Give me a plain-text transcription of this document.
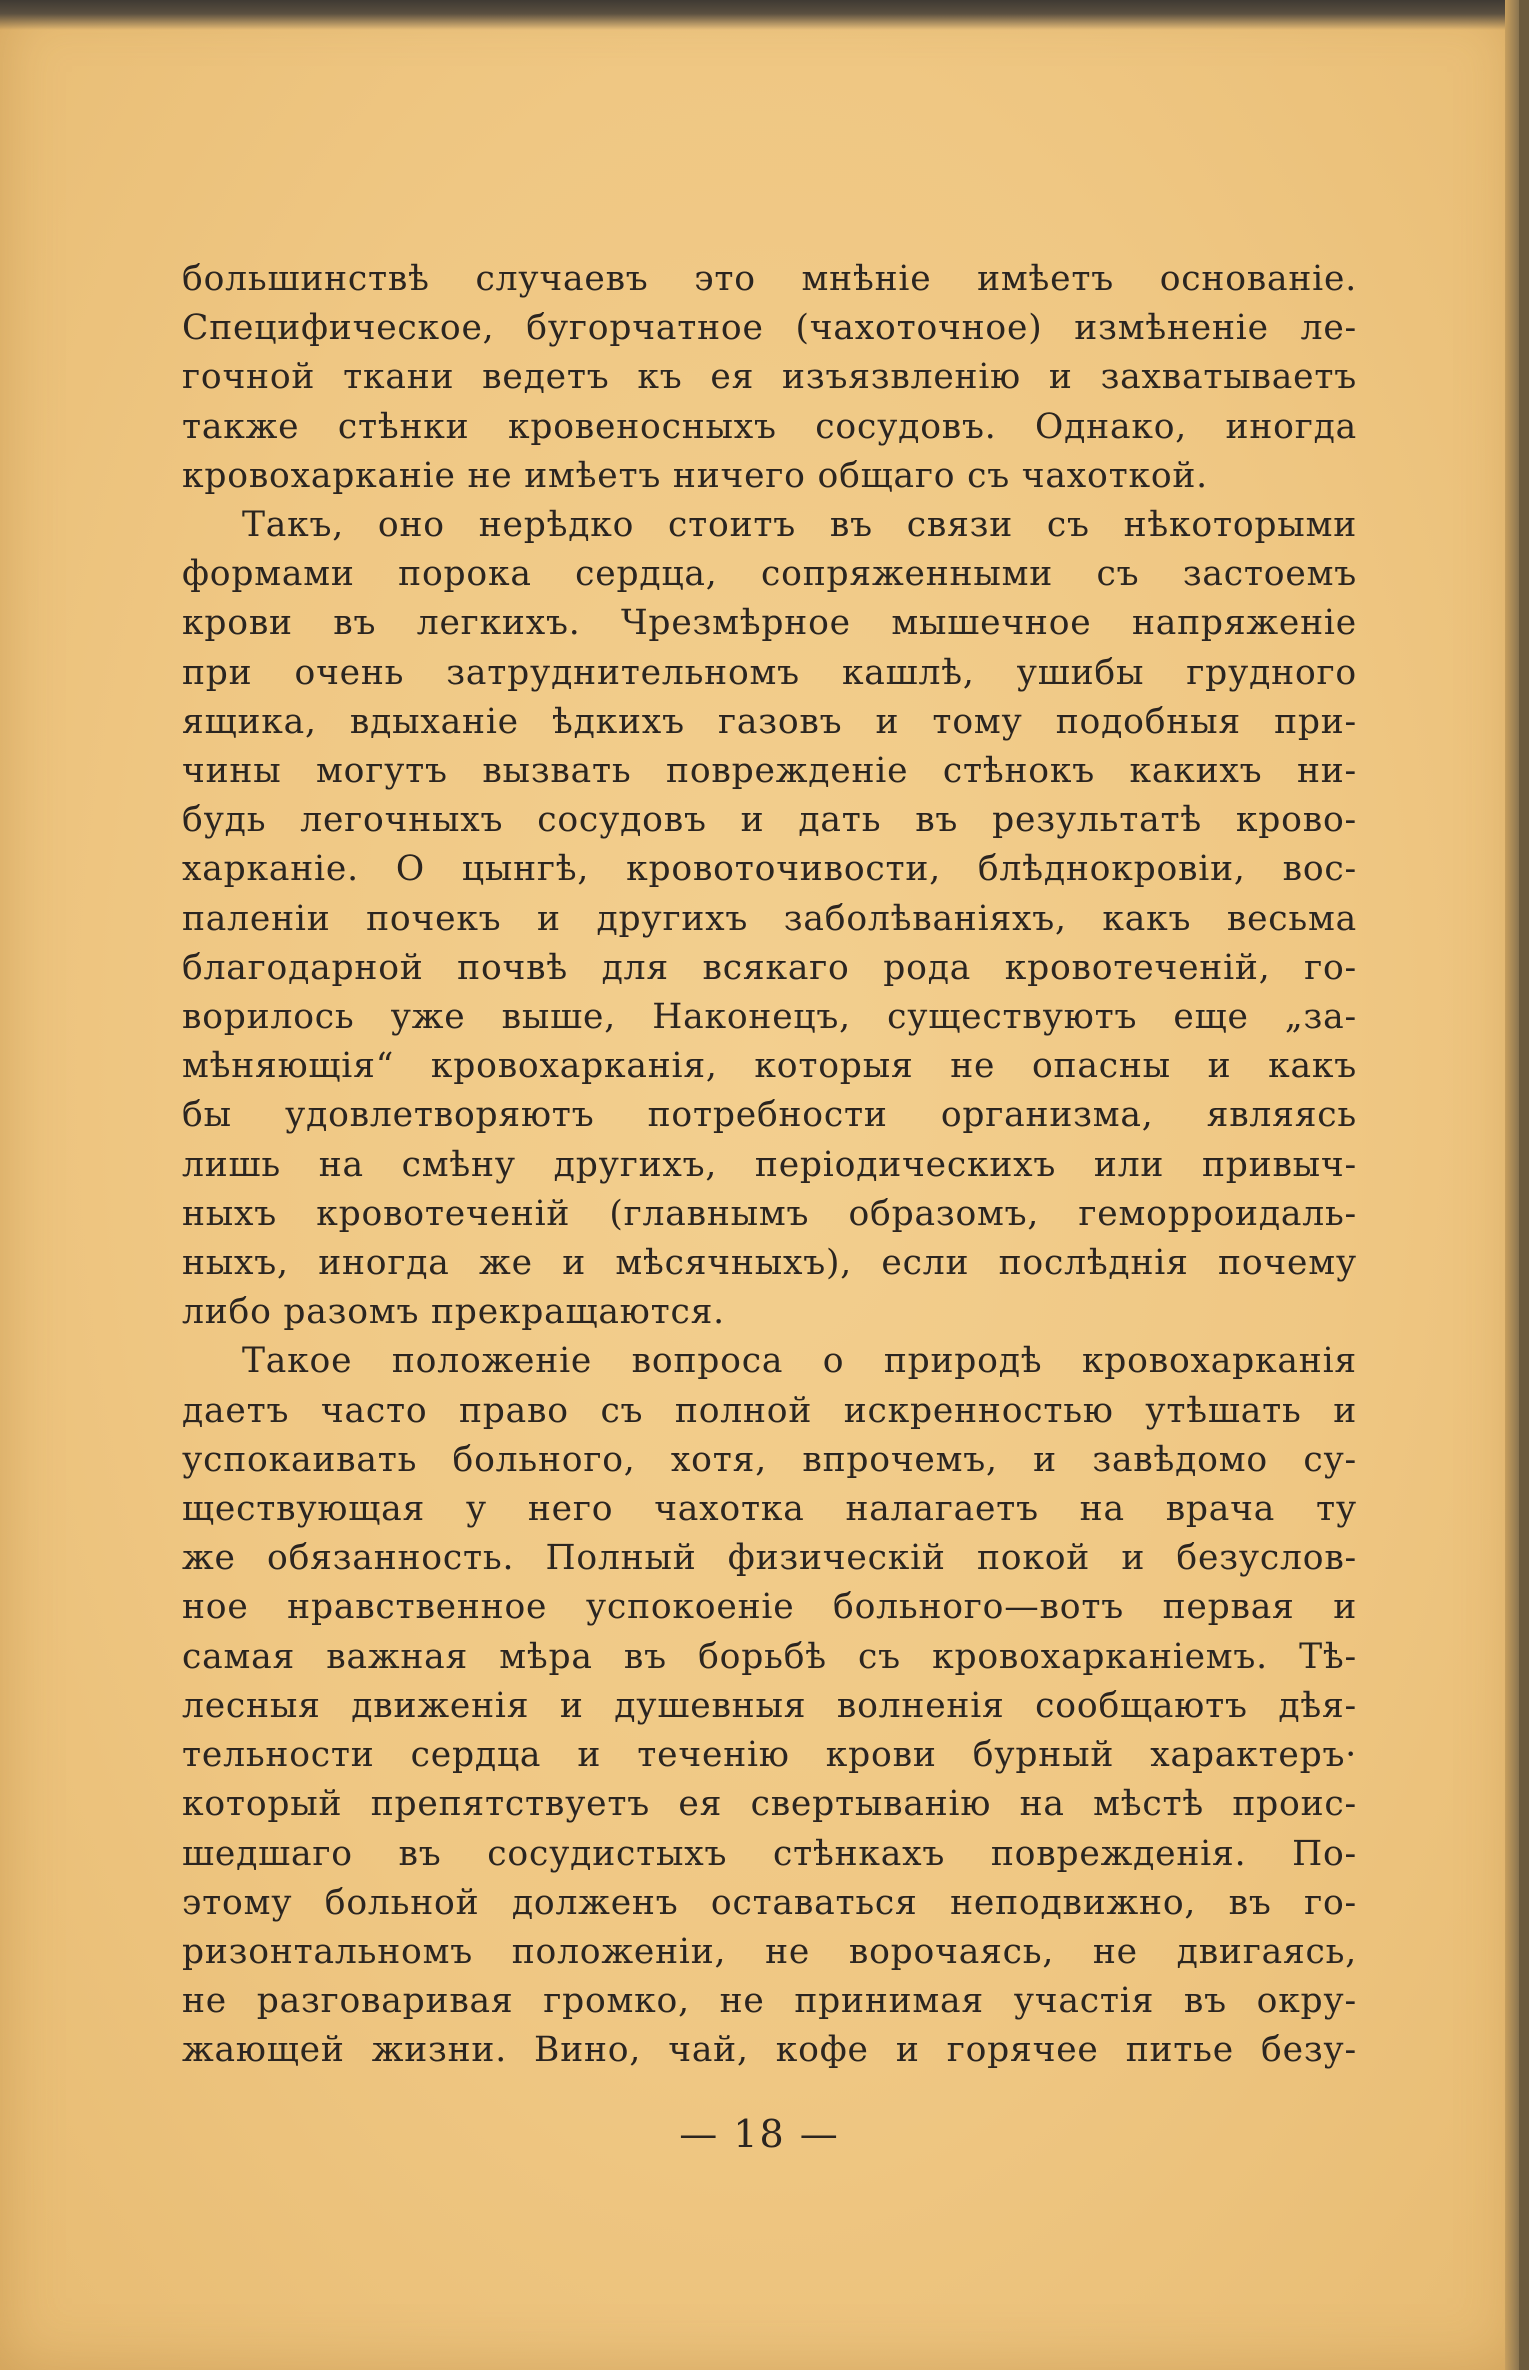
большинствѣ случаевъ это мнѣніе имѣетъ основаніе.
Специфическое, бугорчатное (чахоточное) измѣненіе ле-
гочной ткани ведетъ къ ея изъязвленію и захватываетъ
также стѣнки кровеносныхъ сосудовъ. Однако, иногда
кровохарканіе не имѣетъ ничего общаго съ чахоткой.
Такъ, оно нерѣдко стоитъ въ связи съ нѣкоторыми
формами порока сердца, сопряженными съ застоемъ
крови въ легкихъ. Чрезмѣрное мышечное напряженіе
при очень затруднительномъ кашлѣ, ушибы грудного
ящика, вдыханіе ѣдкихъ газовъ и тому подобныя при-
чины могутъ вызвать поврежденіе стѣнокъ какихъ ни-
будь легочныхъ сосудовъ и дать въ результатѣ крово-
харканіе. О цынгѣ, кровоточивости, блѣднокровіи, вос-
паленіи почекъ и другихъ заболѣваніяхъ, какъ весьма
благодарной почвѣ для всякаго рода кровотеченій, го-
ворилось уже выше, Наконецъ, существуютъ еще „за-
мѣняющія“ кровохарканія, которыя не опасны и какъ
бы удовлетворяютъ потребности организма, являясь
лишь на смѣну другихъ, періодическихъ или привыч-
ныхъ кровотеченій (главнымъ образомъ, геморроидаль-
ныхъ, иногда же и мѣсячныхъ), если послѣднія почему
либо разомъ прекращаются.
Такое положеніе вопроса о природѣ кровохарканія
даетъ часто право съ полной искренностью утѣшать и
успокаивать больного, хотя, впрочемъ, и завѣдомо су-
ществующая у него чахотка налагаетъ на врача ту
же обязанность. Полный физическій покой и безуслов-
ное нравственное успокоеніе больного—вотъ первая и
самая важная мѣра въ борьбѣ съ кровохарканіемъ. Тѣ-
лесныя движенія и душевныя волненія сообщаютъ дѣя-
тельности сердца и теченію крови бурный характеръ·
который препятствуетъ ея свертыванію на мѣстѣ проис-
шедшаго въ сосудистыхъ стѣнкахъ поврежденія. По-
этому больной долженъ оставаться неподвижно, въ го-
ризонтальномъ положеніи, не ворочаясь, не двигаясь,
не разговаривая громко, не принимая участія въ окру-
жающей жизни. Вино, чай, кофе и горячее питье безу-
— 18 —
